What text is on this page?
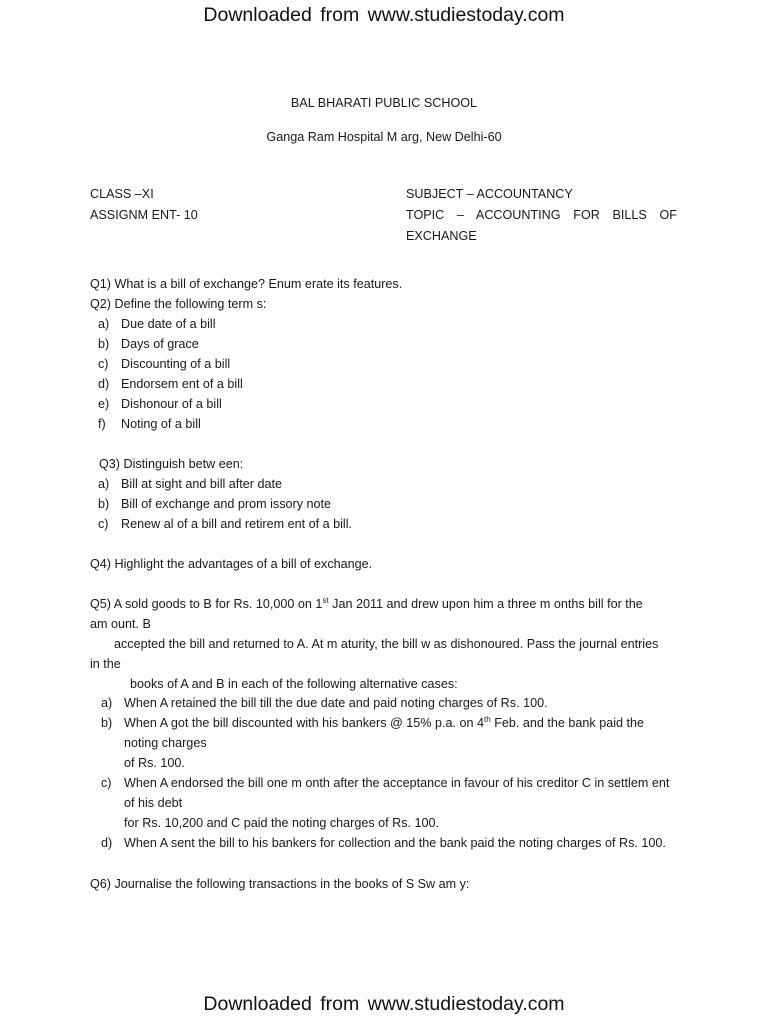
Downloaded from www.studiestoday.com
BAL BHARATI PUBLIC SCHOOL
Ganga Ram Hospital M arg, New Delhi-60
CLASS –XI
ASSIGNM ENT- 10
SUBJECT – ACCOUNTANCY
TOPIC – ACCOUNTING FOR BILLS OF
EXCHANGE
Q1) What is a bill of exchange? Enum erate its features.
Q2) Define the following term s:
a) Due date of a bill
b) Days of grace
c) Discounting of a bill
d) Endorsem ent of a bill
e) Dishonour of a bill
f) Noting of a bill
Q3) Distinguish betw een:
a) Bill at sight and bill after date
b) Bill of exchange and prom issory note
c) Renew al of a bill and retirem ent of a bill.
Q4) Highlight the advantages of a bill of exchange.
Q5) A sold goods to B for Rs. 10,000 on 1st Jan 2011 and drew upon him a three m onths bill for the
am ount. B
accepted the bill and returned to A. At m aturity, the bill w as dishonoured. Pass the journal entries
in the
books of A and B in each of the following alternative cases:
a) When A retained the bill till the due date and paid noting charges of Rs. 100.
b) When A got the bill discounted with his bankers @ 15% p.a. on 4th Feb. and the bank paid the
noting charges
of Rs. 100.
c) When A endorsed the bill one m onth after the acceptance in favour of his creditor C in settlem ent
of his debt
for Rs. 10,200 and C paid the noting charges of Rs. 100.
d) When A sent the bill to his bankers for collection and the bank paid the noting charges of Rs. 100.
Q6) Journalise the following transactions in the books of S Sw am y:
Downloaded from www.studiestoday.com
